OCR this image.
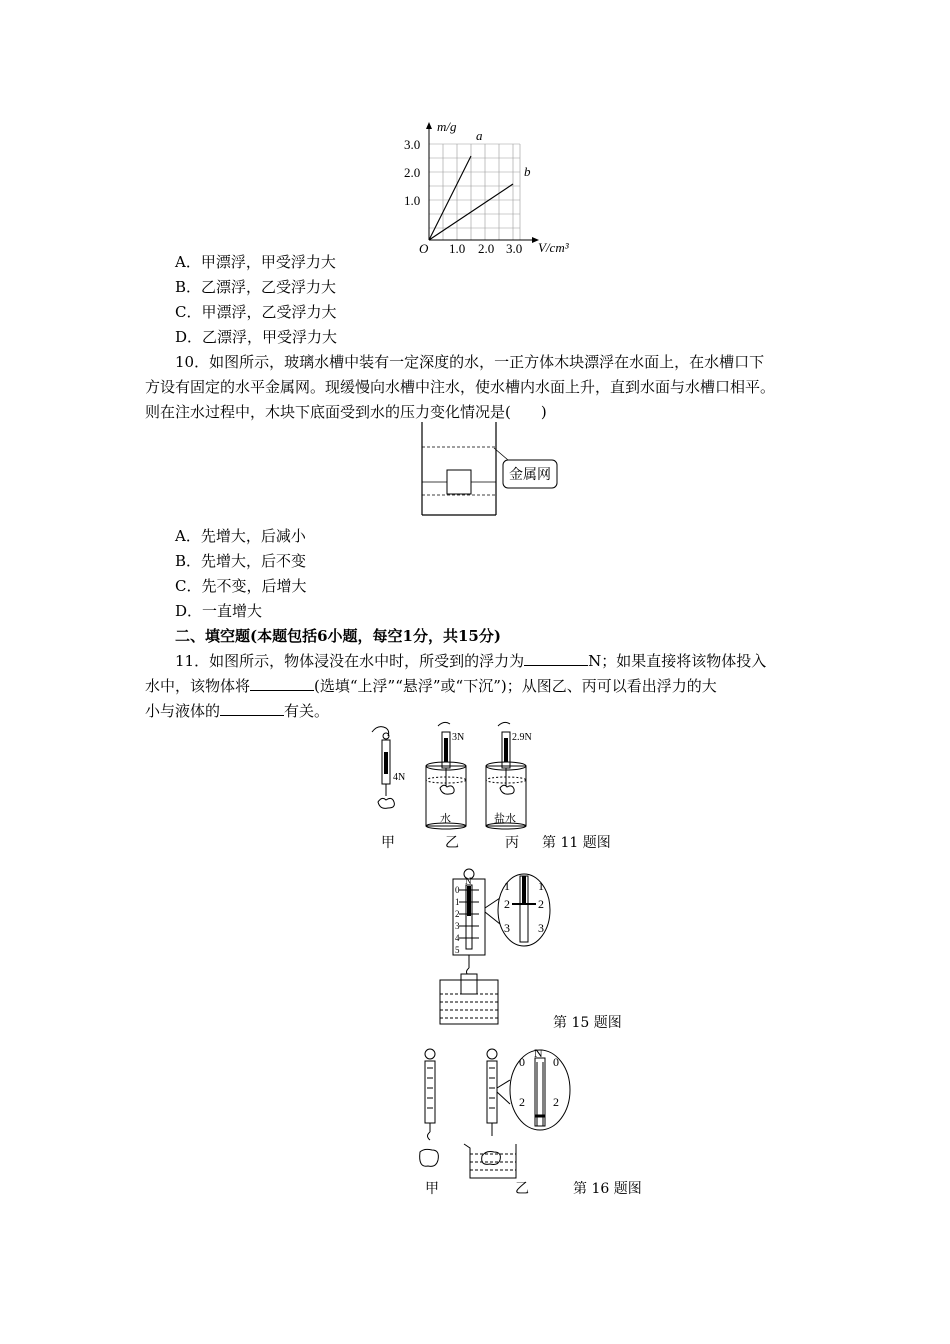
1.0
2.0
3.0
1.0 2.0 3.0
O
m/g
V/cm³
a
b
A．甲漂浮，甲受浮力大
B．乙漂浮，乙受浮力大
C．甲漂浮，乙受浮力大
D．乙漂浮，甲受浮力大
10．如图所示，玻璃水槽中装有一定深度的水，一正方体木块漂浮在水面上，在水槽口下
方设有固定的水平金属网。现缓慢向水槽中注水，使水槽内水面上升，直到水面与水槽口相平。
则在注水过程中，木块下底面受到水的压力变化情况是(　　)
金属网
A．先增大，后减小
B．先增大，后不变
C．先不变，后增大
D．一直增大
二、填空题(本题包括6小题，每空1分，共15分)
11．如图所示，物体浸没在水中时，所受到的浮力为	N；如果直接将该物体投入
水中，该物体将	(选填“上浮”“悬浮”或“下沉”)；从图乙、丙可以看出浮力的大
小与液体的	有关。
4N
3N	2.9N
水	盐水
甲	乙	丙 第 11 题图
N
0
1
2
3
4
5
1 1
2 2
3 3
第 15 题图
N
0 0
2 2
甲	乙	第 16 题图
